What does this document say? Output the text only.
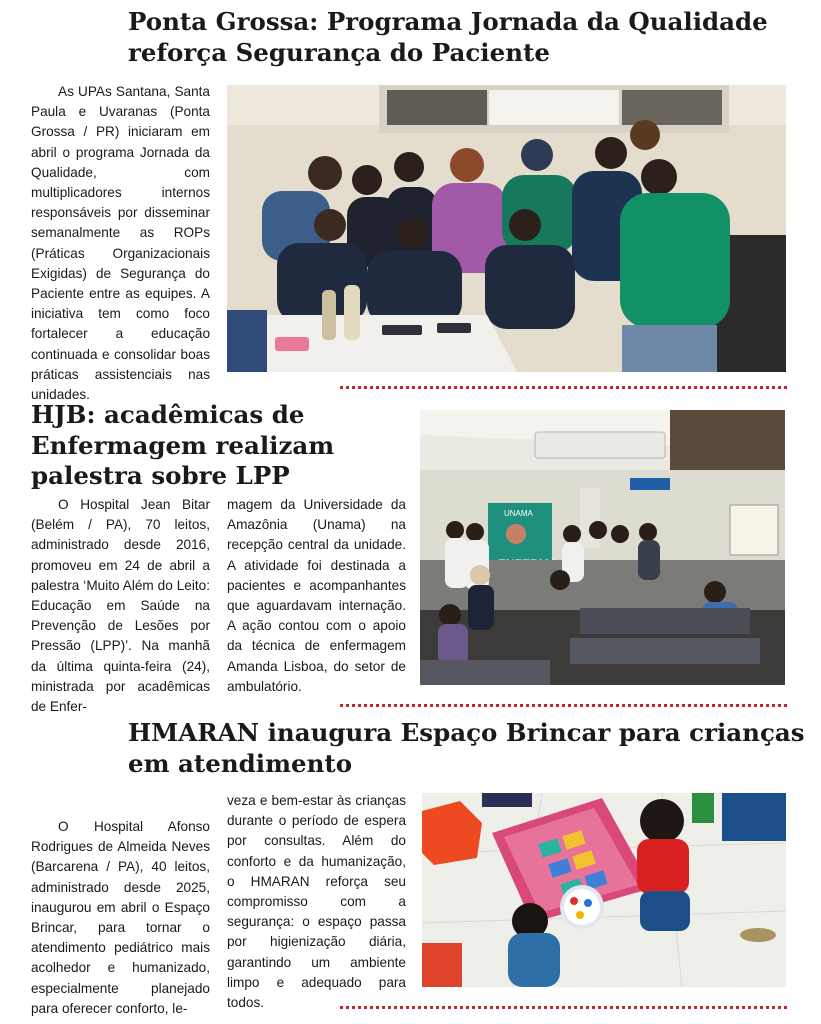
Ponta Grossa: Programa Jornada da Qualidade
reforça Segurança do Paciente

As UPAs Santana, Santa Paula e Uvaranas (Ponta Grossa / PR) iniciaram em abril o programa Jornada da Qualidade, com multiplicadores internos responsáveis por disseminar semanalmente as ROPs (Práticas Organizacionais Exigidas) de Segurança do Paciente entre as equipes. A iniciativa tem como foco fortalecer a educação continuada e consolidar boas práticas assistenciais nas unidades.

HJB: acadêmicas de
Enfermagem realizam
palestra sobre LPP

O Hospital Jean Bitar (Belém / PA), 70 leitos, administrado desde 2016, promoveu em 24 de abril a palestra ‘Muito Além do Leito: Educação em Saúde na Prevenção de Lesões por Pressão (LPP)’. Na manhã da última quinta-feira (24), ministrada por acadêmicas de Enfer-

magem da Universidade da Amazônia (Unama) na recepção central da unidade. A atividade foi destinada a pacientes e acompanhantes que aguardavam internação. A ação contou com o apoio da técnica de enfermagem Amanda Lisboa, do setor de ambulatório.

UNAMA
HMARAN inaugura Espaço Brincar para crianças
em atendimento

O Hospital Afonso Rodrigues de Almeida Neves (Barcarena / PA), 40 leitos, administrado desde 2025, inaugurou em abril o Espaço Brincar, para tornar o atendimento pediátrico mais acolhedor e humanizado, especialmente planejado para oferecer conforto, le-

veza e bem-estar às crianças durante o período de espera por consultas. Além do conforto e da humanização, o HMARAN reforça seu compromisso com a segurança: o espaço passa por higienização diária, garantindo um ambiente limpo e adequado para todos.
